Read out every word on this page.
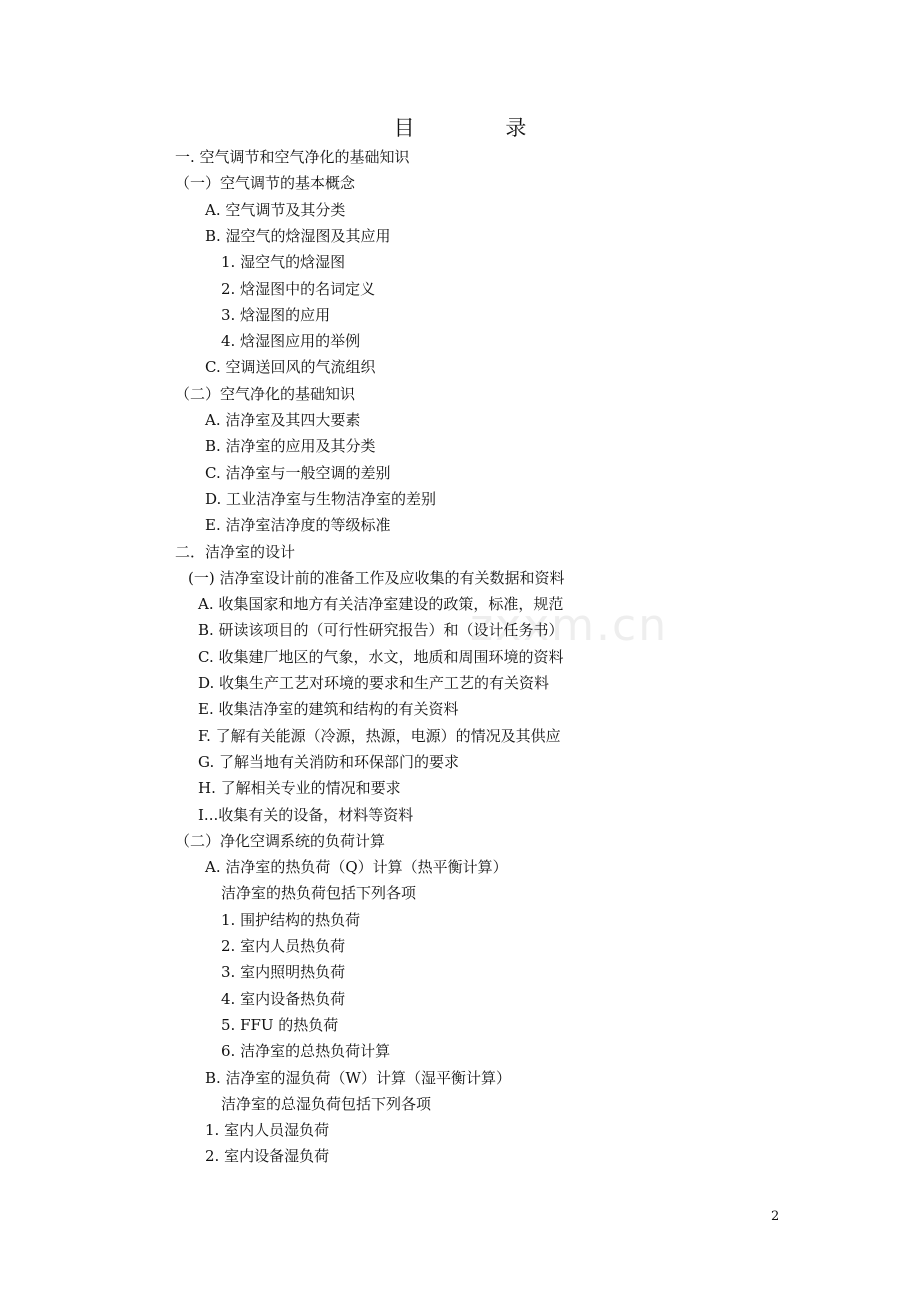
目 录
zxxm.cn
一. 空气调节和空气净化的基础知识
（一）空气调节的基本概念
A. 空气调节及其分类
B. 湿空气的焓湿图及其应用
1. 湿空气的焓湿图
2. 焓湿图中的名词定义
3. 焓湿图的应用
4. 焓湿图应用的举例
C. 空调送回风的气流组织
（二）空气净化的基础知识
A. 洁净室及其四大要素
B. 洁净室的应用及其分类
C. 洁净室与一般空调的差别
D. 工业洁净室与生物洁净室的差别
E. 洁净室洁净度的等级标准
二．洁净室的设计
(一) 洁净室设计前的准备工作及应收集的有关数据和资料
A. 收集国家和地方有关洁净室建设的政策，标准，规范
B. 研读该项目的（可行性研究报告）和（设计任务书）
C. 收集建厂地区的气象，水文，地质和周围环境的资料
D. 收集生产工艺对环境的要求和生产工艺的有关资料
E. 收集洁净室的建筑和结构的有关资料
F. 了解有关能源（冷源，热源，电源）的情况及其供应
G. 了解当地有关消防和环保部门的要求
H. 了解相关专业的情况和要求
I...收集有关的设备，材料等资料
（二）净化空调系统的负荷计算
A. 洁净室的热负荷（Q）计算（热平衡计算）
洁净室的热负荷包括下列各项
1. 围护结构的热负荷
2. 室内人员热负荷
3. 室内照明热负荷
4. 室内设备热负荷
5. FFU 的热负荷
6. 洁净室的总热负荷计算
B. 洁净室的湿负荷（W）计算（湿平衡计算）
洁净室的总湿负荷包括下列各项
1. 室内人员湿负荷
2. 室内设备湿负荷
2
